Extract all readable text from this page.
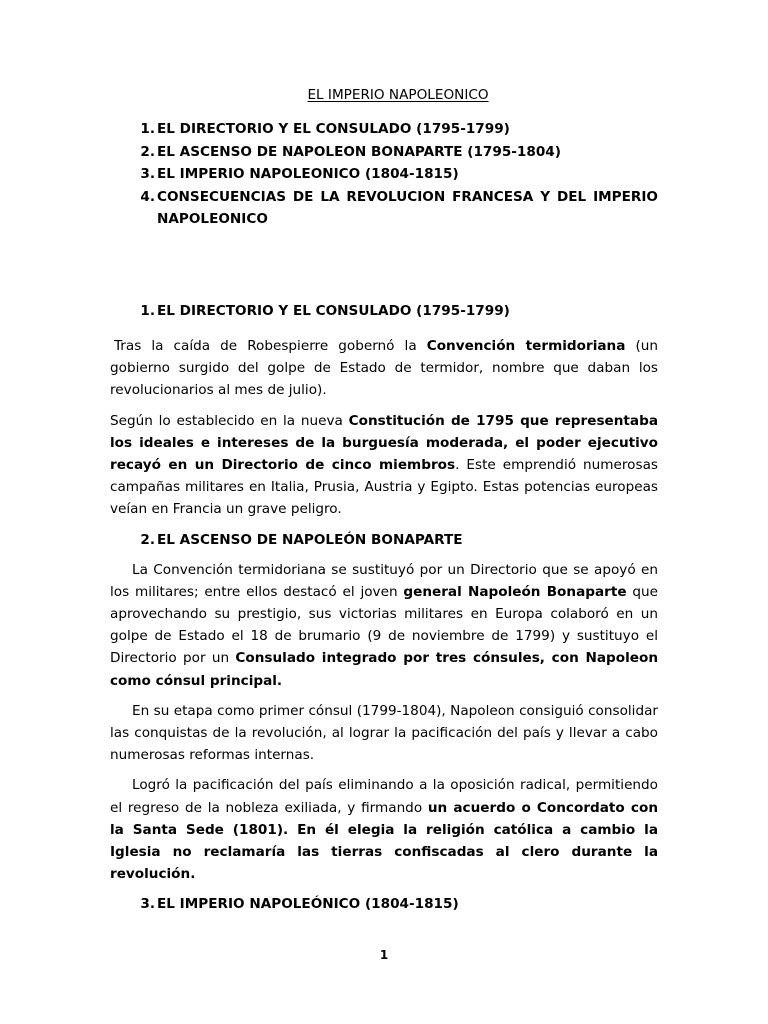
EL IMPERIO NAPOLEONICO
1. EL DIRECTORIO Y EL CONSULADO (1795-1799)
2. EL ASCENSO DE NAPOLEON BONAPARTE (1795-1804)
3. EL IMPERIO NAPOLEONICO (1804-1815)
4. CONSECUENCIAS DE LA REVOLUCION FRANCESA Y DEL IMPERIO NAPOLEONICO
1. EL DIRECTORIO Y EL CONSULADO (1795-1799)

Tras la caída de Robespierre gobernó la Convención termidoriana (un gobierno surgido del golpe de Estado de termidor, nombre que daban los revolucionarios al mes de julio).

Según lo establecido en la nueva Constitución de 1795 que representaba los ideales e intereses de la burguesía moderada, el poder ejecutivo recayó en un Directorio de cinco miembros. Este emprendió numerosas campañas militares en Italia, Prusia, Austria y Egipto. Estas potencias europeas veían en Francia un grave peligro.

2. EL ASCENSO DE NAPOLEÓN BONAPARTE

La Convención termidoriana se sustituyó por un Directorio que se apoyó en los militares; entre ellos destacó el joven general Napoleón Bonaparte que aprovechando su prestigio, sus victorias militares en Europa colaboró en un golpe de Estado el 18 de brumario (9 de noviembre de 1799) y sustituyo el Directorio por un Consulado integrado por tres cónsules, con Napoleon como cónsul principal.

En su etapa como primer cónsul (1799-1804), Napoleon consiguió consolidar las conquistas de la revolución, al lograr la pacificación del país y llevar a cabo numerosas reformas internas.

Logró la pacificación del país eliminando a la oposición radical, permitiendo el regreso de la nobleza exiliada, y firmando un acuerdo o Concordato con la Santa Sede (1801). En él elegia la religión católica a cambio la Iglesia no reclamaría las tierras confiscadas al clero durante la revolución.

3. EL IMPERIO NAPOLEÓNICO (1804-1815)
1
